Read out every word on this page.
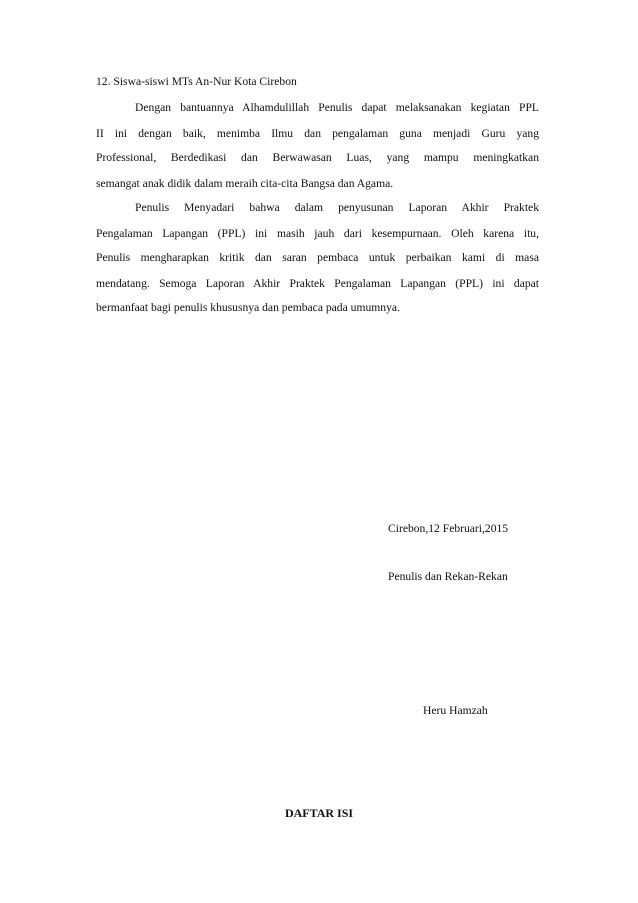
12. Siswa-siswi MTs An-Nur Kota Cirebon
Dengan bantuannya Alhamdulillah Penulis dapat melaksanakan kegiatan PPL
II ini dengan baik, menimba Ilmu dan pengalaman guna menjadi Guru yang
Professional, Berdedikasi dan Berwawasan Luas, yang mampu meningkatkan
semangat anak didik dalam meraih cita-cita Bangsa dan Agama.
Penulis Menyadari bahwa dalam penyusunan Laporan Akhir Praktek
Pengalaman Lapangan (PPL) ini masih jauh dari kesempurnaan. Oleh karena itu,
Penulis mengharapkan kritik dan saran pembaca untuk perbaikan kami di masa
mendatang. Semoga Laporan Akhir Praktek Pengalaman Lapangan (PPL) ini dapat
bermanfaat bagi penulis khususnya dan pembaca pada umumnya.
Cirebon,12 Februari,2015
Penulis dan Rekan-Rekan
Heru Hamzah
DAFTAR ISI
